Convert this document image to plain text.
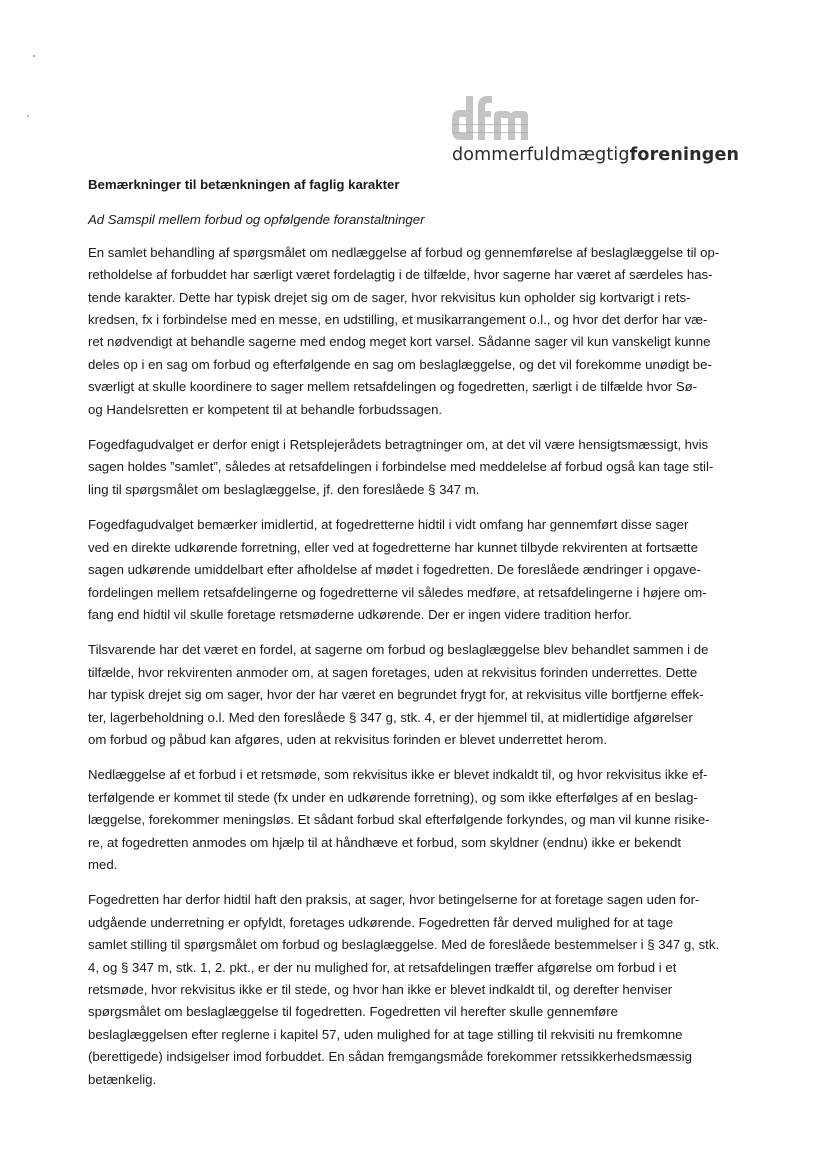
dommerfuldmægtigforeningen
Bemærkninger til betænkningen af faglig karakter
Ad Samspil mellem forbud og opfølgende foranstaltninger
En samlet behandling af spørgsmålet om nedlæggelse af forbud og gennemførelse af beslaglæggelse til op-
retholdelse af forbuddet har særligt været fordelagtig i de tilfælde, hvor sagerne har været af særdeles has-
tende karakter. Dette har typisk drejet sig om de sager, hvor rekvisitus kun opholder sig kortvarigt i rets-
kredsen, fx i forbindelse med en messe, en udstilling, et musikarrangement o.l., og hvor det derfor har væ-
ret nødvendigt at behandle sagerne med endog meget kort varsel. Sådanne sager vil kun vanskeligt kunne
deles op i en sag om forbud og efterfølgende en sag om beslaglæggelse, og det vil forekomme unødigt be-
sværligt at skulle koordinere to sager mellem retsafdelingen og fogedretten, særligt i de tilfælde hvor Sø-
og Handelsretten er kompetent til at behandle forbudssagen.
Fogedfagudvalget er derfor enigt i Retsplejerådets betragtninger om, at det vil være hensigtsmæssigt, hvis
sagen holdes ”samlet”, således at retsafdelingen i forbindelse med meddelelse af forbud også kan tage stil-
ling til spørgsmålet om beslaglæggelse, jf. den foreslåede § 347 m.
Fogedfagudvalget bemærker imidlertid, at fogedretterne hidtil i vidt omfang har gennemført disse sager
ved en direkte udkørende forretning, eller ved at fogedretterne har kunnet tilbyde rekvirenten at fortsætte
sagen udkørende umiddelbart efter afholdelse af mødet i fogedretten. De foreslåede ændringer i opgave-
fordelingen mellem retsafdelingerne og fogedretterne vil således medføre, at retsafdelingerne i højere om-
fang end hidtil vil skulle foretage retsmøderne udkørende. Der er ingen videre tradition herfor.
Tilsvarende har det været en fordel, at sagerne om forbud og beslaglæggelse blev behandlet sammen i de
tilfælde, hvor rekvirenten anmoder om, at sagen foretages, uden at rekvisitus forinden underrettes. Dette
har typisk drejet sig om sager, hvor der har været en begrundet frygt for, at rekvisitus ville bortfjerne effek-
ter, lagerbeholdning o.l. Med den foreslåede § 347 g, stk. 4, er der hjemmel til, at midlertidige afgørelser
om forbud og påbud kan afgøres, uden at rekvisitus forinden er blevet underrettet herom.
Nedlæggelse af et forbud i et retsmøde, som rekvisitus ikke er blevet indkaldt til, og hvor rekvisitus ikke ef-
terfølgende er kommet til stede (fx under en udkørende forretning), og som ikke efterfølges af en beslag-
læggelse, forekommer meningsløs. Et sådant forbud skal efterfølgende forkyndes, og man vil kunne risike-
re, at fogedretten anmodes om hjælp til at håndhæve et forbud, som skyldner (endnu) ikke er bekendt
med.
Fogedretten har derfor hidtil haft den praksis, at sager, hvor betingelserne for at foretage sagen uden for-
udgående underretning er opfyldt, foretages udkørende. Fogedretten får derved mulighed for at tage
samlet stilling til spørgsmålet om forbud og beslaglæggelse. Med de foreslåede bestemmelser i § 347 g, stk.
4, og § 347 m, stk. 1, 2. pkt., er der nu mulighed for, at retsafdelingen træffer afgørelse om forbud i et
retsmøde, hvor rekvisitus ikke er til stede, og hvor han ikke er blevet indkaldt til, og derefter henviser
spørgsmålet om beslaglæggelse til fogedretten. Fogedretten vil herefter skulle gennemføre
beslaglæggelsen efter reglerne i kapitel 57, uden mulighed for at tage stilling til rekvisiti nu fremkomne
(berettigede) indsigelser imod forbuddet. En sådan fremgangsmåde forekommer retssikkerhedsmæssig
betænkelig.
